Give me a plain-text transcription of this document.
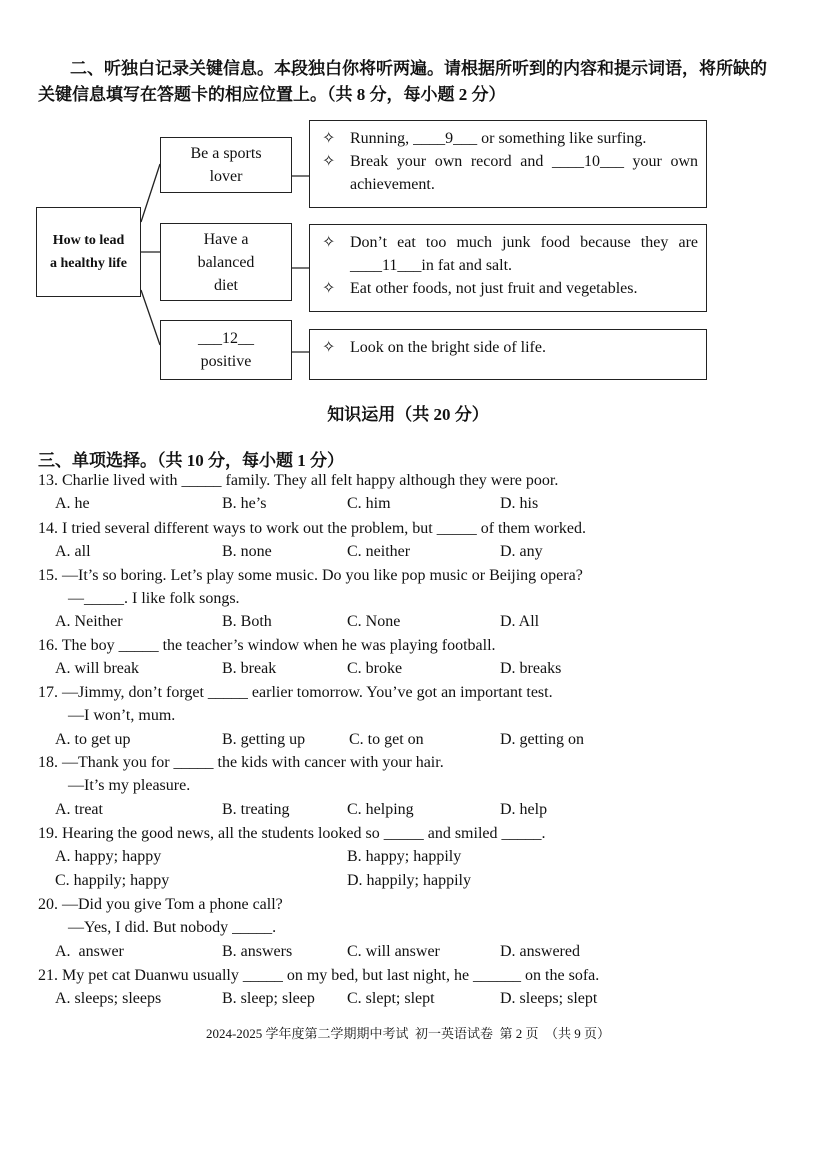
二、听独白记录关键信息。本段独白你将听两遍。请根据所听到的内容和提示词语，将所缺的关键信息填写在答题卡的相应位置上。（共 8 分，每小题 2 分）
How to lead a healthy life
Be a sports lover
Have a balanced diet
___12__
positive
✧ Running, ____9___ or something like surfing.
✧ Break your own record and ____10___ your own achievement.
✧ Don’t eat too much junk food because they are ____11___in fat and salt.
✧ Eat other foods, not just fruit and vegetables.
✧ Look on the bright side of life.
知识运用（共 20 分）
三、单项选择。（共 10 分，每小题 1 分）
13. Charlie lived with _____ family. They all felt happy although they were poor.
A. he	B. he’s	C. him	D. his
14. I tried several different ways to work out the problem, but _____ of them worked.
A. all	B. none	C. neither	D. any
15. —It’s so boring. Let’s play some music. Do you like pop music or Beijing opera?
—_____. I like folk songs.
A. Neither	B. Both	C. None	D. All
16. The boy _____ the teacher’s window when he was playing football.
A. will break	B. break	C. broke	D. breaks
17. —Jimmy, don’t forget _____ earlier tomorrow. You’ve got an important test.
—I won’t, mum.
A. to get up	B. getting up	C. to get on	D. getting on
18. —Thank you for _____ the kids with cancer with your hair.
—It’s my pleasure.
A. treat	B. treating	C. helping	D. help
19. Hearing the good news, all the students looked so _____ and smiled _____.
A. happy; happy	B. happy; happily
C. happily; happy	D. happily; happily
20. —Did you give Tom a phone call?
—Yes, I did. But nobody _____.
A.  answer	B. answers	C. will answer	D. answered
21. My pet cat Duanwu usually _____ on my bed, but last night, he ______ on the sofa.
A. sleeps; sleeps	B. sleep; sleep C. slept; slept	D. sleeps; slept
2024-2025 学年度第二学期期中考试  初一英语试卷  第 2 页  （共 9 页）
